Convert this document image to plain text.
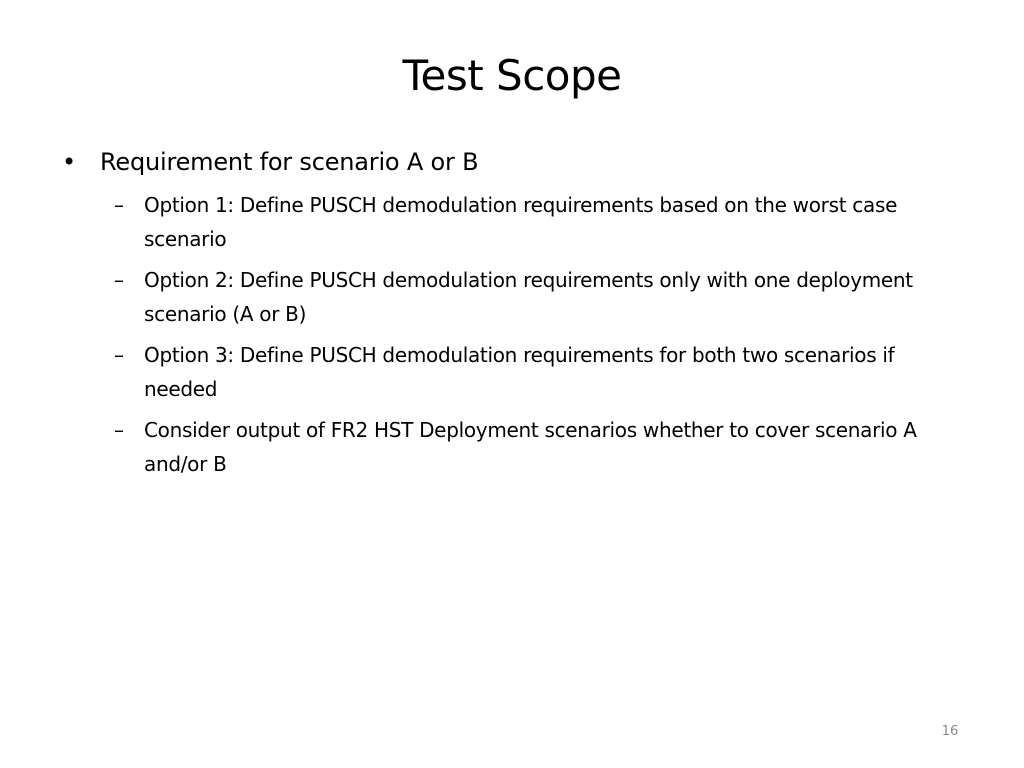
Test Scope
•	Requirement for scenario A or B
–	Option 1: Define PUSCH demodulation requirements based on the worst case scenario
–	Option 2: Define PUSCH demodulation requirements only with one deployment scenario (A or B)
–	Option 3: Define PUSCH demodulation requirements for both two scenarios if needed
–	Consider output of FR2 HST Deployment scenarios whether to cover scenario A and/or B
16
